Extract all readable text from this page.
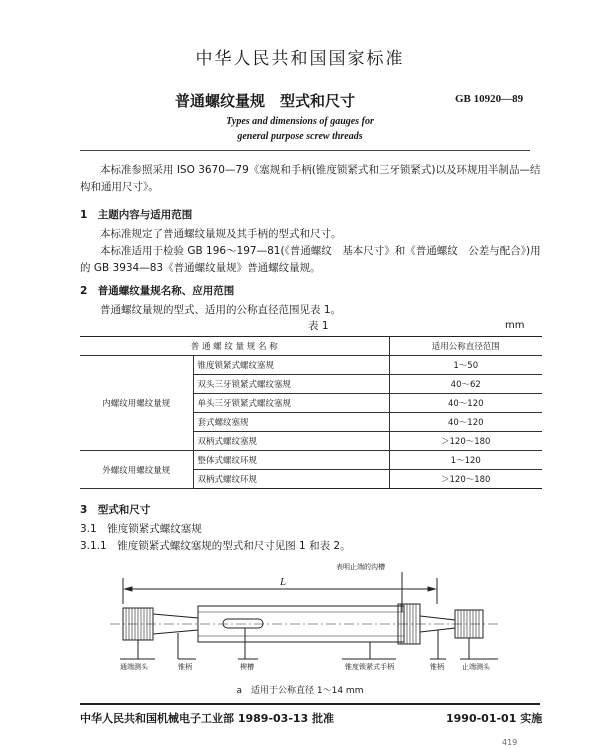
中华人民共和国国家标准
普通螺纹量规　型式和尺寸	GB 10920—89
Types and dimensions of gauges for
general purpose screw threads
本标准参照采用 ISO 3670—79《塞规和手柄(锥度锁紧式和三牙锁紧式)以及环规用半制品—结
构和通用尺寸》。
1　主题内容与适用范围
本标准规定了普通螺纹量规及其手柄的型式和尺寸。
本标准适用于检验 GB 196～197—81(《普通螺纹　基本尺寸》和《普通螺纹　公差与配合》)用
的 GB 3934—83《普通螺纹量规》普通螺纹量规。
2　普通螺纹量规名称、应用范围
普通螺纹量规的型式、适用的公称直径范围见表 1。
表 1	mm
普 通 螺 纹 量 规 名 称		适用公称直径范围
内螺纹用螺纹量规	锥度锁紧式螺纹塞规	1～50
	双头三牙锁紧式螺纹塞规	40～62
	单头三牙锁紧式螺纹塞规	40～120
	套式螺纹塞规	40～120
	双柄式螺纹塞规	＞120～180
外螺纹用螺纹量规	整体式螺纹环规	1～120
	双柄式螺纹环规	＞120～180
3　型式和尺寸
3.1　锥度锁紧式螺纹塞规
3.1.1　锥度锁紧式螺纹塞规的型式和尺寸见图 1 和表 2。
L
表明止端的沟槽
通端测头	锥柄	楔槽	锥度锁紧式手柄	锥柄	止端测头
a　适用于公称直径 1～14 mm
中华人民共和国机械电子工业部 1989-03-13 批准	1990-01-01 实施
419
